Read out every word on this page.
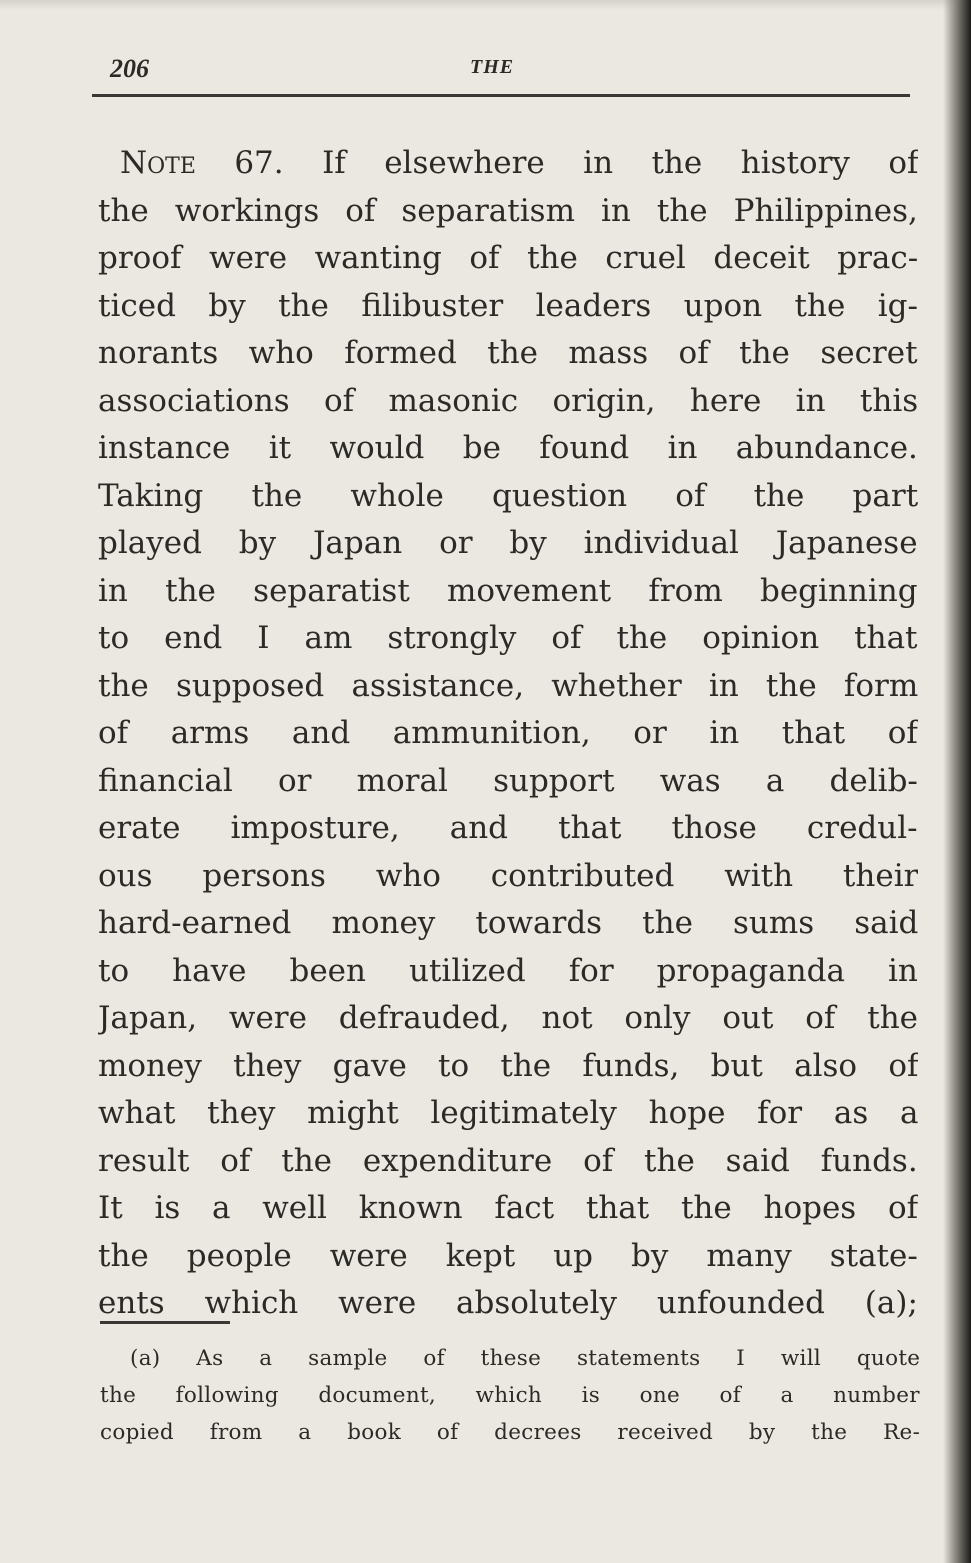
206	THE
Note 67. If elsewhere in the history of
the workings of separatism in the Philippines,
proof were wanting of the cruel deceit prac-
ticed by the filibuster leaders upon the ig-
norants who formed the mass of the secret
associations of masonic origin, here in this
instance it would be found in abundance.
Taking the whole question of the part
played by Japan or by individual Japanese
in the separatist movement from beginning
to end I am strongly of the opinion that
the supposed assistance, whether in the form
of arms and ammunition, or in that of
financial or moral support was a delib-
erate imposture, and that those credul-
ous persons who contributed with their
hard-earned money towards the sums said
to have been utilized for propaganda in
Japan, were defrauded, not only out of the
money they gave to the funds, but also of
what they might legitimately hope for as a
result of the expenditure of the said funds.
It is a well known fact that the hopes of
the people were kept up by many state-
ents which were absolutely unfounded (a);
(a) As a sample of these statements I will quote
the following document, which is one of a number
copied from a book of decrees received by the Re-
